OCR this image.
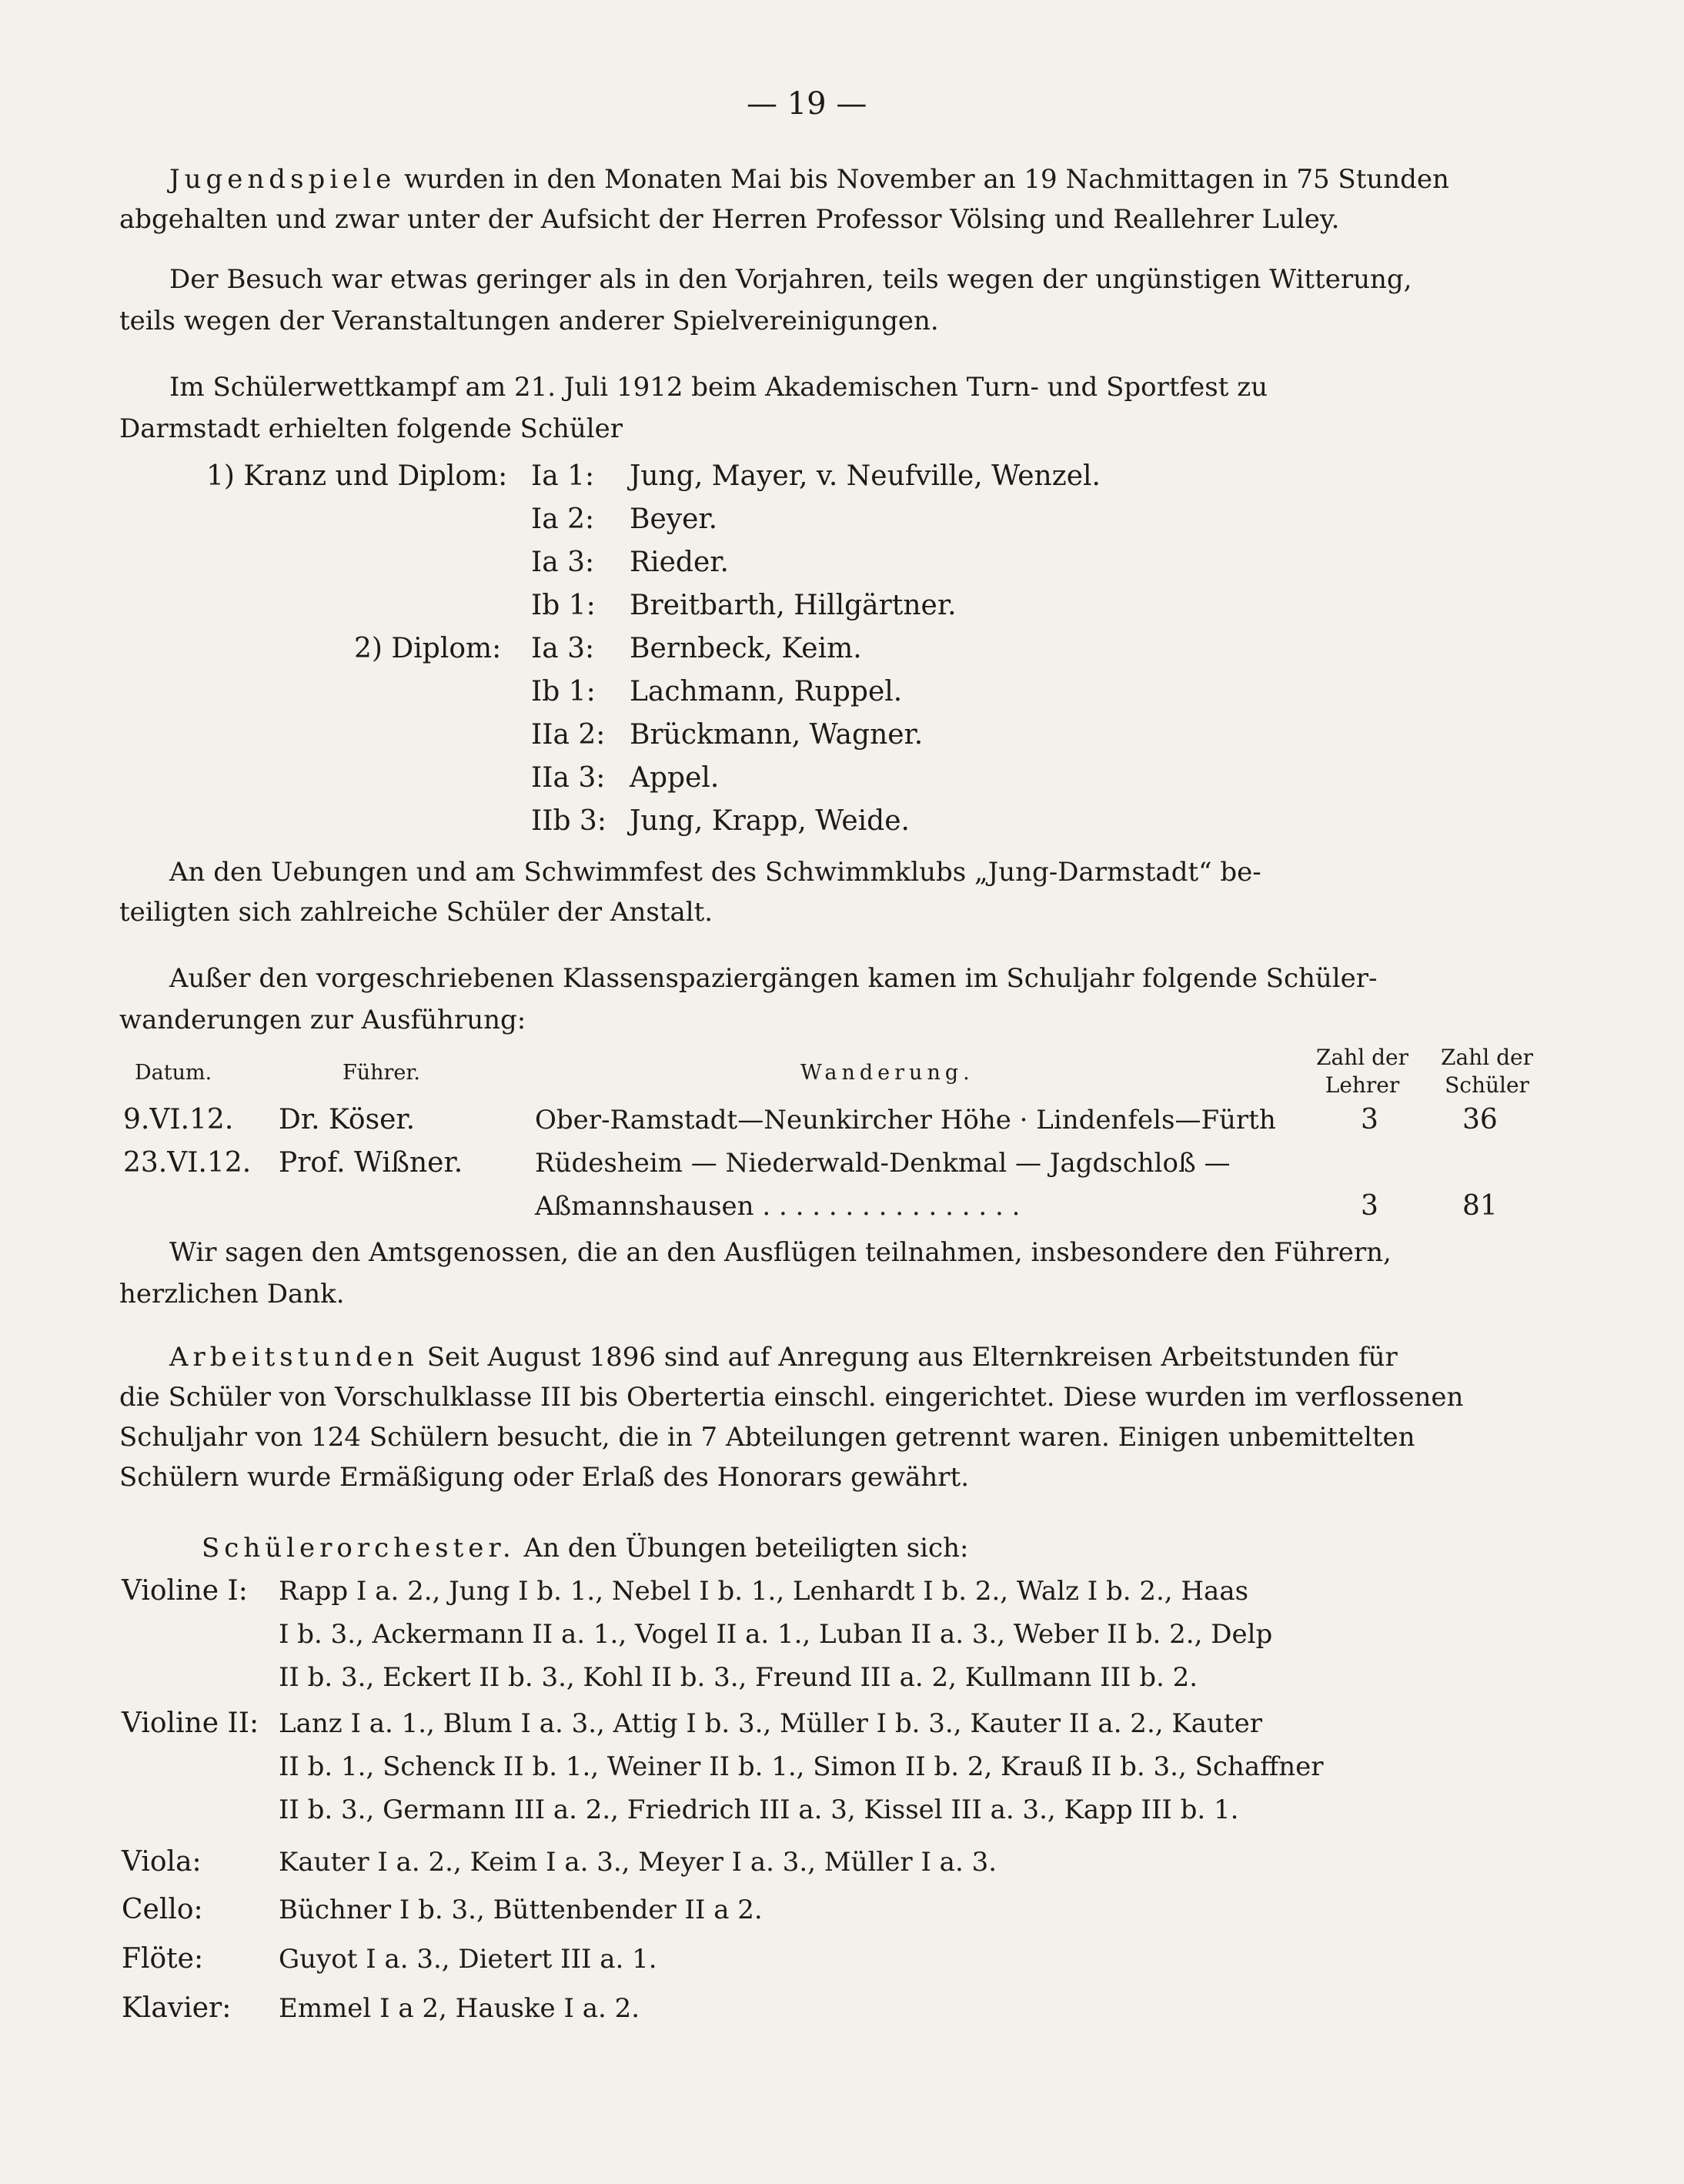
— 19 —
Jugendspiele wurden in den Monaten Mai bis November an 19 Nachmittagen in 75 Stunden
abgehalten und zwar unter der Aufsicht der Herren Professor Völsing und Reallehrer Luley.
Der Besuch war etwas geringer als in den Vorjahren, teils wegen der ungünstigen Witterung,
teils wegen der Veranstaltungen anderer Spielvereinigungen.
Im Schülerwettkampf am 21. Juli 1912 beim Akademischen Turn- und Sportfest zu
Darmstadt erhielten folgende Schüler
1) Kranz und Diplom: Ia 1: Jung, Mayer, v. Neufville, Wenzel.
Ia 2: Beyer.
Ia 3: Rieder.
Ib 1: Breitbarth, Hillgärtner.
2) Diplom: Ia 3: Bernbeck, Keim.
Ib 1: Lachmann, Ruppel.
IIa 2: Brückmann, Wagner.
IIa 3: Appel.
IIb 3: Jung, Krapp, Weide.
An den Uebungen und am Schwimmfest des Schwimmklubs „Jung-Darmstadt“ be-
teiligten sich zahlreiche Schüler der Anstalt.
Außer den vorgeschriebenen Klassenspaziergängen kamen im Schuljahr folgende Schüler-
wanderungen zur Ausführung:
Datum.	Führer.	Wanderung.
Zahl der
Lehrer
Zahl der
Schüler
9.VI.12. Dr. Köser.	Ober-Ramstadt—Neunkircher Höhe · Lindenfels—Fürth	3	36
23.VI.12. Prof. Wißner.	Rüdesheim — Niederwald-Denkmal — Jagdschloß —
Aßmannshausen . . . . . . . . . . . . . . . .	3	81
Wir sagen den Amtsgenossen, die an den Ausflügen teilnahmen, insbesondere den Führern,
herzlichen Dank.
Arbeitstunden Seit August 1896 sind auf Anregung aus Elternkreisen Arbeitstunden für
die Schüler von Vorschulklasse III bis Obertertia einschl. eingerichtet. Diese wurden im verflossenen
Schuljahr von 124 Schülern besucht, die in 7 Abteilungen getrennt waren. Einigen unbemittelten
Schülern wurde Ermäßigung oder Erlaß des Honorars gewährt.
Schülerorchester. An den Übungen beteiligten sich:
Violine I: Rapp I a. 2., Jung I b. 1., Nebel I b. 1., Lenhardt I b. 2., Walz I b. 2., Haas
I b. 3., Ackermann II a. 1., Vogel II a. 1., Luban II a. 3., Weber II b. 2., Delp
II b. 3., Eckert II b. 3., Kohl II b. 3., Freund III a. 2, Kullmann III b. 2.
Violine II: Lanz I a. 1., Blum I a. 3., Attig I b. 3., Müller I b. 3., Kauter II a. 2., Kauter
II b. 1., Schenck II b. 1., Weiner II b. 1., Simon II b. 2, Krauß II b. 3., Schaffner
II b. 3., Germann III a. 2., Friedrich III a. 3, Kissel III a. 3., Kapp III b. 1.
Viola:	Kauter I a. 2., Keim I a. 3., Meyer I a. 3., Müller I a. 3.
Cello:	Büchner I b. 3., Büttenbender II a 2.
Flöte:	Guyot I a. 3., Dietert III a. 1.
Klavier: Emmel I a 2, Hauske I a. 2.
